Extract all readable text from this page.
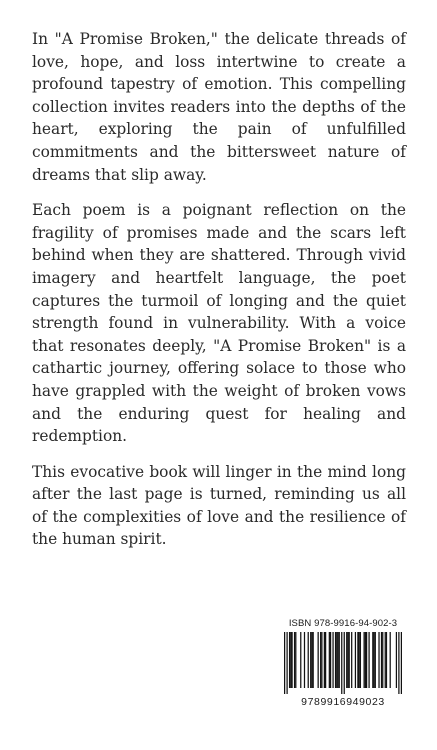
In "A Promise Broken," the delicate threads of love, hope, and loss intertwine to create a profound tapestry of emotion. This compelling collection invites readers into the depths of the heart, exploring the pain of unfulfilled commitments and the bittersweet nature of dreams that slip away.

Each poem is a poignant reflection on the fragility of promises made and the scars left behind when they are shattered. Through vivid imagery and heartfelt language, the poet captures the turmoil of longing and the quiet strength found in vulnerability. With a voice that resonates deeply, "A Promise Broken" is a cathartic journey, offering solace to those who have grappled with the weight of broken vows and the enduring quest for healing and redemption.

This evocative book will linger in the mind long after the last page is turned, reminding us all of the complexities of love and the resilience of the human spirit.

ISBN 978-9916-94-902-3
9789916949023
